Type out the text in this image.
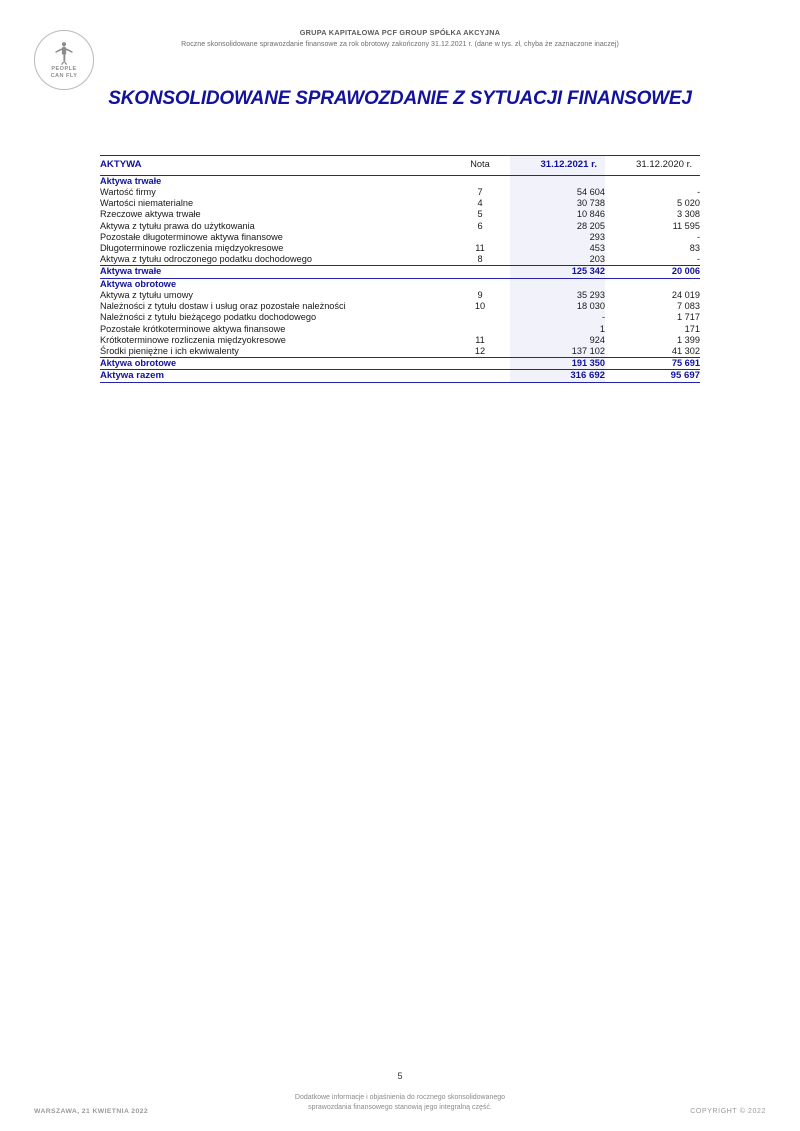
PEOPLE
CAN FLY
GRUPA KAPITAŁOWA PCF GROUP SPÓŁKA AKCYJNA
Roczne skonsolidowane sprawozdanie finansowe za rok obrotowy zakończony 31.12.2021 r. (dane w tys. zł, chyba że zaznaczone inaczej)
SKONSOLIDOWANE SPRAWOZDANIE Z SYTUACJI FINANSOWEJ
AKTYWA	Nota	31.12.2021 r.	31.12.2020 r.
Aktywa trwałe			
Wartość firmy	7	54 604	-
Wartości niematerialne	4	30 738	5 020
Rzeczowe aktywa trwałe	5	10 846	3 308
Aktywa z tytułu prawa do użytkowania	6	28 205	11 595
Pozostałe długoterminowe aktywa finansowe		293	-
Długoterminowe rozliczenia międzyokresowe	11	453	83
Aktywa z tytułu odroczonego podatku dochodowego	8	203	-
Aktywa trwałe		125 342	20 006
Aktywa obrotowe			
Aktywa z tytułu umowy	9	35 293	24 019
Należności z tytułu dostaw i usług oraz pozostałe należności	10	18 030	7 083
Należności z tytułu bieżącego podatku dochodowego		-	1 717
Pozostałe krótkoterminowe aktywa finansowe		1	171
Krótkoterminowe rozliczenia międzyokresowe	11	924	1 399
Środki pieniężne i ich ekwiwalenty	12	137 102	41 302
Aktywa obrotowe		191 350	75 691
Aktywa razem		316 692	95 697
5
WARSZAWA, 21 KWIETNIA 2022
Dodatkowe informacje i objaśnienia do rocznego skonsolidowanego
sprawozdania finansowego stanowią jego integralną część.
COPYRIGHT © 2022
